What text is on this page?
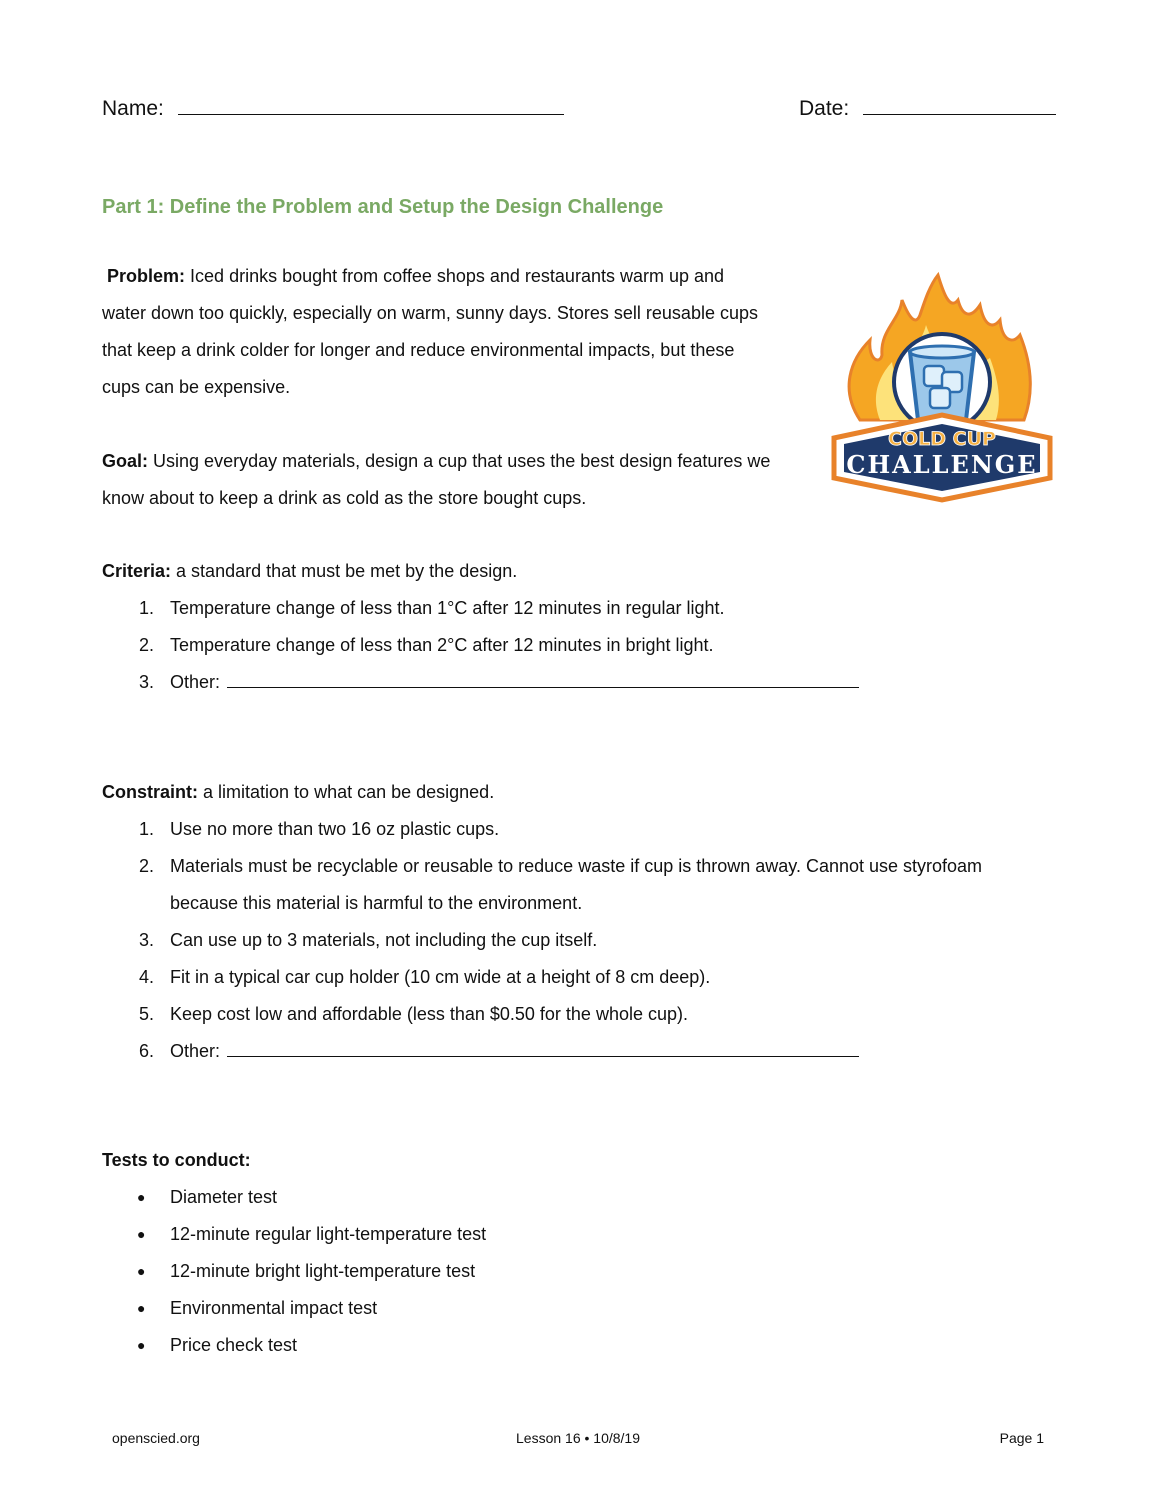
Name:	Date:
Part 1: Define the Problem and Setup the Design Challenge
Problem: Iced drinks bought from coffee shops and restaurants warm up and
water down too quickly, especially on warm, sunny days. Stores sell reusable cups
that keep a drink colder for longer and reduce environmental impacts, but these
cups can be expensive.
Goal: Using everyday materials, design a cup that uses the best design features we
know about to keep a drink as cold as the store bought cups.
COLD CUP
CHALLENGE
Criteria: a standard that must be met by the design.
1. Temperature change of less than 1°C after 12 minutes in regular light.
2. Temperature change of less than 2°C after 12 minutes in bright light.
3. Other:
Constraint: a limitation to what can be designed.
1. Use no more than two 16 oz plastic cups.
2. Materials must be recyclable or reusable to reduce waste if cup is thrown away. Cannot use styrofoam
because this material is harmful to the environment.
3. Can use up to 3 materials, not including the cup itself.
4. Fit in a typical car cup holder (10 cm wide at a height of 8 cm deep).
5. Keep cost low and affordable (less than $0.50 for the whole cup).
6. Other:
Tests to conduct:
● Diameter test
● 12-minute regular light-temperature test
● 12-minute bright light-temperature test
● Environmental impact test
● Price check test
openscied.org	Lesson 16 • 10/8/19	Page 1
